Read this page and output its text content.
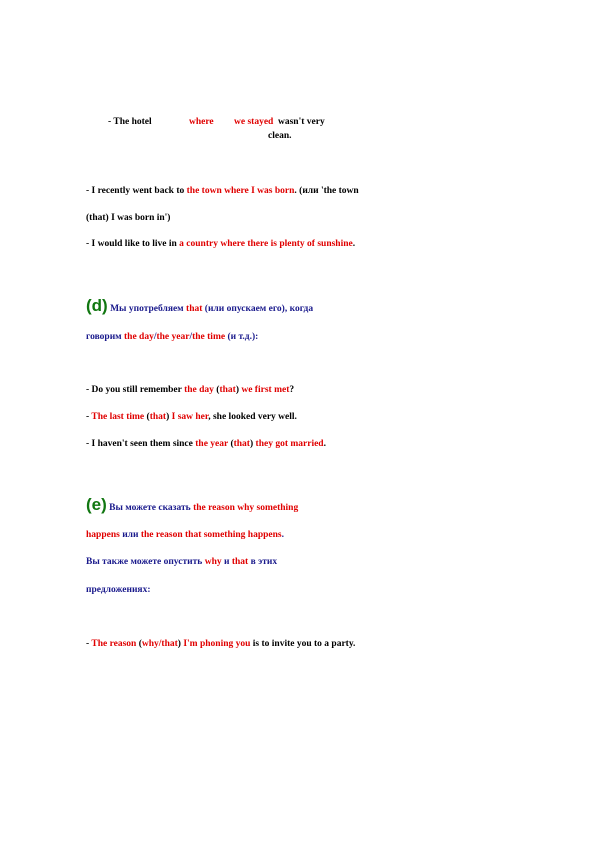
- The hotel	where we stayed wasn't very
clean.
- I recently went back to the town where I was born. (или 'the town
(that) I was born in')
- I would like to live in a country where there is plenty of sunshine.
(d) Мы употребляем that (или опускаем его), когда
говорим the day/the year/the time (и т.д.):
- Do you still remember the day (that) we first met?
- The last time (that) I saw her, she looked very well.
- I haven't seen them since the year (that) they got married.
(e) Вы можете сказать the reason why something
happens или the reason that something happens.
Вы также можете опустить why и that в этих
предложениях:
- The reason (why/that) I'm phoning you is to invite you to a party.
